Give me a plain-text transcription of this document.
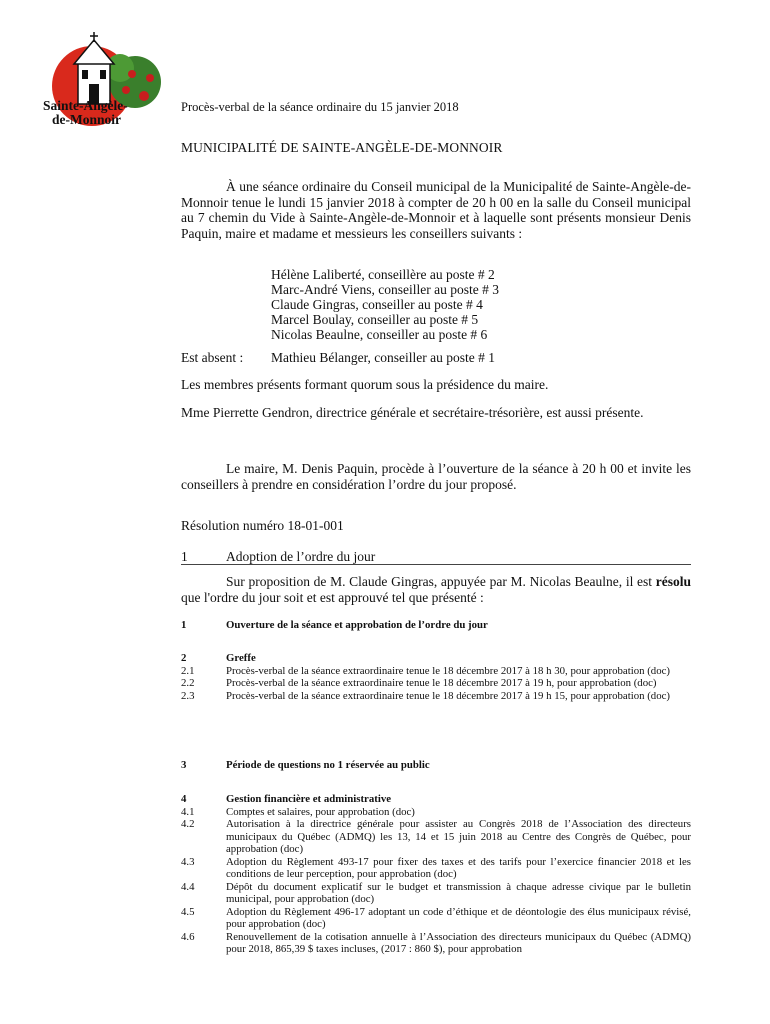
Sainte-Angèle-
de-Monnoir
Procès-verbal de la séance ordinaire du 15 janvier 2018
MUNICIPALITÉ DE SAINTE-ANGÈLE-DE-MONNOIR
À une séance ordinaire du Conseil municipal de la Municipalité de Sainte-Angèle-de-Monnoir tenue le lundi 15 janvier 2018 à compter de 20 h 00 en la salle du Conseil municipal au 7 chemin du Vide à Sainte-Angèle-de-Monnoir et à laquelle sont présents monsieur Denis Paquin, maire et madame et messieurs les conseillers suivants :
Hélène Laliberté, conseillère au poste # 2
Marc-André Viens, conseiller au poste # 3
Claude Gingras, conseiller au poste # 4
Marcel Boulay, conseiller au poste # 5
Nicolas Beaulne, conseiller au poste # 6
Est absent : Mathieu Bélanger, conseiller au poste # 1
Les membres présents formant quorum sous la présidence du maire.
Mme Pierrette Gendron, directrice générale et secrétaire-trésorière, est aussi présente.
Le maire, M. Denis Paquin, procède à l’ouverture de la séance à 20 h 00 et invite les conseillers à prendre en considération l’ordre du jour proposé.
Résolution numéro 18-01-001
1	Adoption de l’ordre du jour
Sur proposition de M. Claude Gingras, appuyée par M. Nicolas Beaulne, il est résolu que l'ordre du jour soit et est approuvé tel que présenté :
1	Ouverture de la séance et approbation de l’ordre du jour
2	Greffe
2.1	Procès-verbal de la séance extraordinaire tenue le 18 décembre 2017 à 18 h 30, pour approbation (doc)
2.2	Procès-verbal de la séance extraordinaire tenue le 18 décembre 2017 à 19 h, pour approbation (doc)
2.3	Procès-verbal de la séance extraordinaire tenue le 18 décembre 2017 à 19 h 15, pour approbation (doc)
3	Période de questions no 1 réservée au public
4	Gestion financière et administrative
4.1	Comptes et salaires, pour approbation (doc)
4.2	Autorisation à la directrice générale pour assister au Congrès 2018 de l’Association des directeurs municipaux du Québec (ADMQ) les 13, 14 et 15 juin 2018 au Centre des Congrès de Québec, pour approbation (doc)
4.3	Adoption du Règlement 493-17 pour fixer des taxes et des tarifs pour l’exercice financier 2018 et les conditions de leur perception, pour approbation (doc)
4.4	Dépôt du document explicatif sur le budget et transmission à chaque adresse civique par le bulletin municipal, pour approbation (doc)
4.5	Adoption du Règlement 496-17 adoptant un code d’éthique et de déontologie des élus municipaux révisé, pour approbation (doc)
4.6	Renouvellement de la cotisation annuelle à l’Association des directeurs municipaux du Québec (ADMQ) pour 2018, 865,39 $ taxes incluses, (2017 : 860 $), pour approbation
